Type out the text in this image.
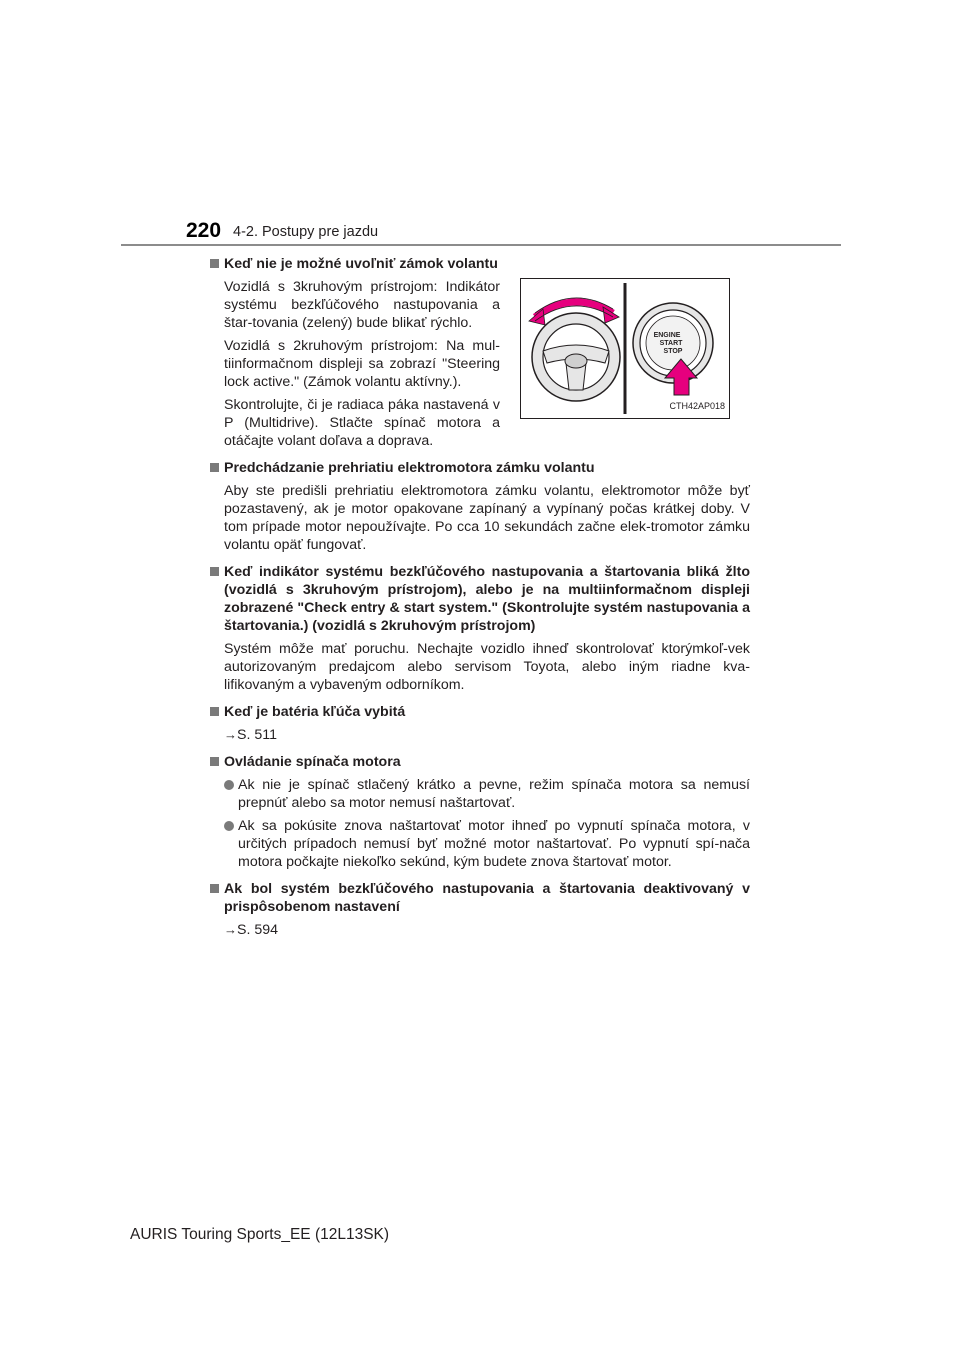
220 4-2. Postupy pre jazdu
Keď nie je možné uvoľniť zámok volantu
Vozidlá s 3kruhovým prístrojom: Indikátor systému bezkľúčového nastupovania a štar-tovania (zelený) bude blikať rýchlo.
Vozidlá s 2kruhovým prístrojom: Na mul-tiinformačnom displeji sa zobrazí "Steering lock active." (Zámok volantu aktívny.).
Skontrolujte, či je radiaca páka nastavená v P (Multidrive). Stlačte spínač motora a otáčajte volant doľava a doprava.
ENGINE
START
STOP
CTH42AP018
Predchádzanie prehriatiu elektromotora zámku volantu
Aby ste predišli prehriatiu elektromotora zámku volantu, elektromotor môže byť pozastavený, ak je motor opakovane zapínaný a vypínaný počas krátkej doby. V tom prípade motor nepoužívajte. Po cca 10 sekundách začne elek-tromotor zámku volantu opäť fungovať.
Keď indikátor systému bezkľúčového nastupovania a štartovania bliká žlto (vozidlá s 3kruhovým prístrojom), alebo je na multiinformačnom displeji zobrazené "Check entry & start system." (Skontrolujte systém nastupovania a štartovania.) (vozidlá s 2kruhovým prístrojom)
Systém môže mať poruchu. Nechajte vozidlo ihneď skontrolovať ktorýmkoľ-vek autorizovaným predajcom alebo servisom Toyota, alebo iným riadne kva-lifikovaným a vybaveným odborníkom.
Keď je batéria kľúča vybitá
→S. 511
Ovládanie spínača motora
Ak nie je spínač stlačený krátko a pevne, režim spínača motora sa nemusí prepnúť alebo sa motor nemusí naštartovať.
Ak sa pokúsite znova naštartovať motor ihneď po vypnutí spínača motora, v určitých prípadoch nemusí byť možné motor naštartovať. Po vypnutí spí-nača motora počkajte niekoľko sekúnd, kým budete znova štartovať motor.
Ak bol systém bezkľúčového nastupovania a štartovania deaktivovaný v prispôsobenom nastavení
→S. 594
AURIS Touring Sports_EE (12L13SK)
